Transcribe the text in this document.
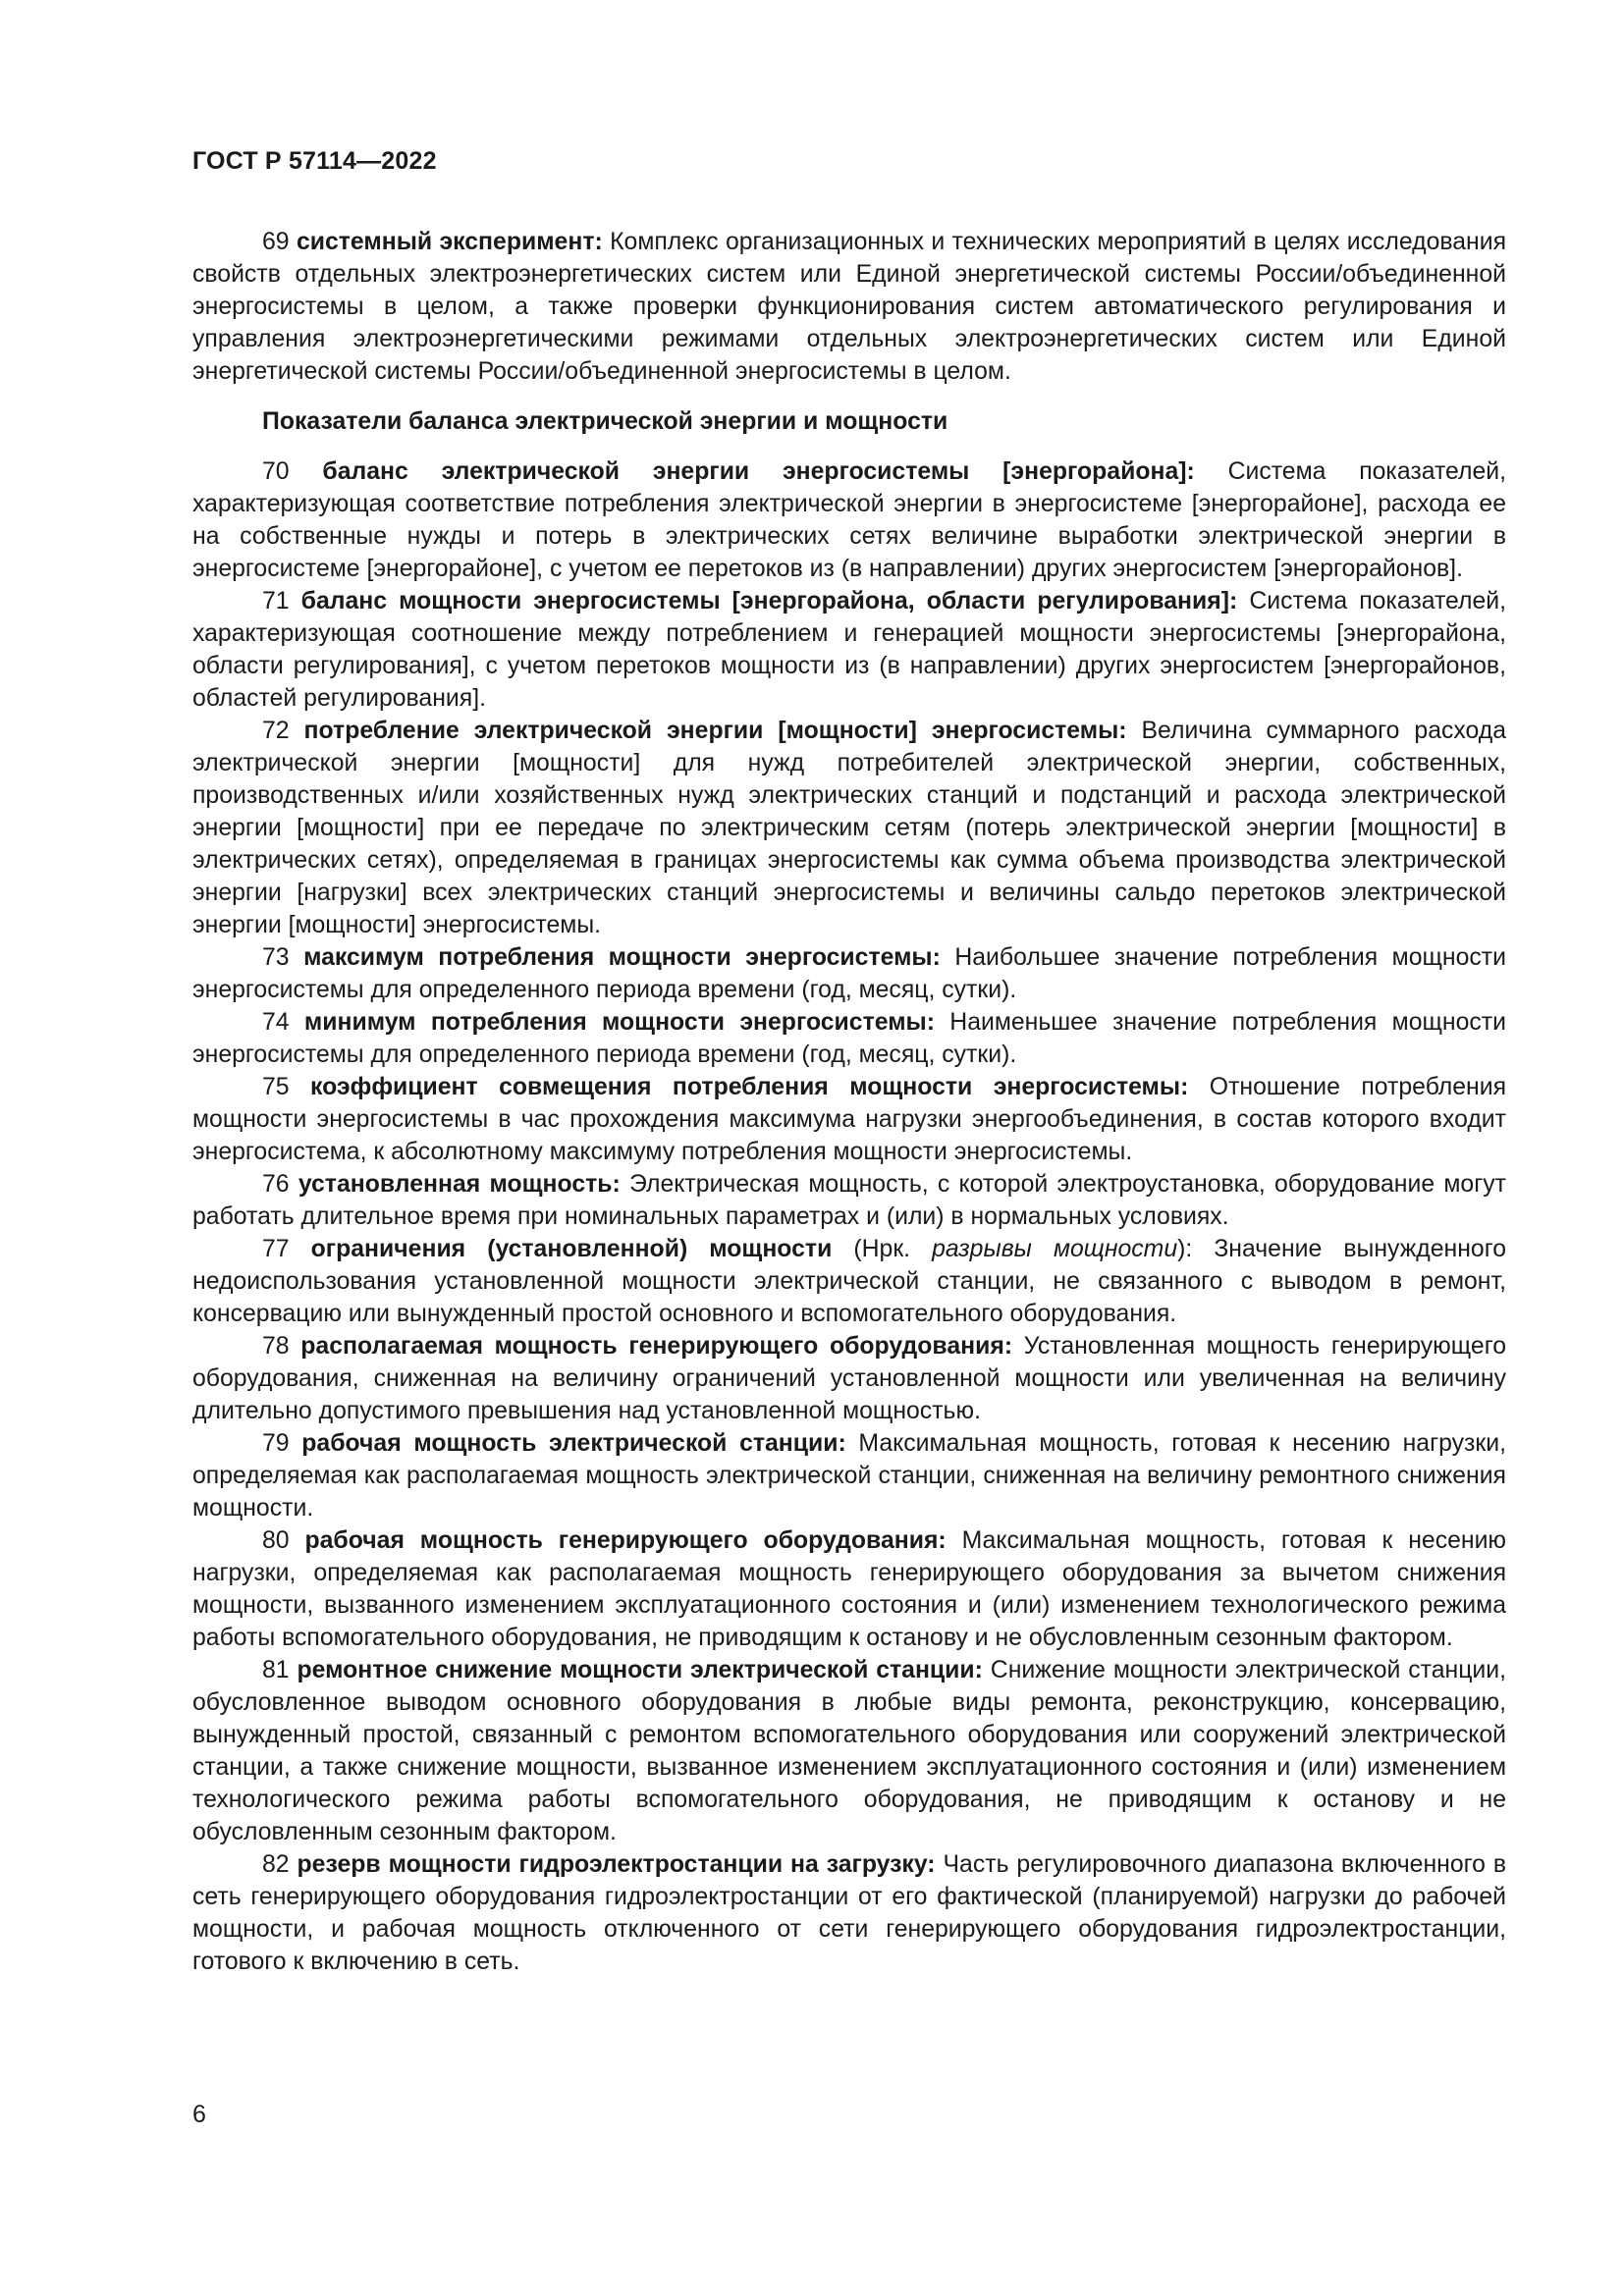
ГОСТ Р 57114—2022

69 системный эксперимент: Комплекс организационных и технических мероприятий в целях исследования свойств отдельных электроэнергетических систем или Единой энергетической системы России/объединенной энергосистемы в целом, а также проверки функционирования систем автоматического регулирования и управления электроэнергетическими режимами отдельных электроэнергетических систем или Единой энергетической системы России/объединенной энергосистемы в целом.

Показатели баланса электрической энергии и мощности

70 баланс электрической энергии энергосистемы [энергорайона]: Система показателей, характеризующая соответствие потребления электрической энергии в энергосистеме [энергорайоне], расхода ее на собственные нужды и потерь в электрических сетях величине выработки электрической энергии в энергосистеме [энергорайоне], с учетом ее перетоков из (в направлении) других энергосистем [энергорайонов].

71 баланс мощности энергосистемы [энергорайона, области регулирования]: Система показателей, характеризующая соотношение между потреблением и генерацией мощности энергосистемы [энергорайона, области регулирования], с учетом перетоков мощности из (в направлении) других энергосистем [энергорайонов, областей регулирования].

72 потребление электрической энергии [мощности] энергосистемы: Величина суммарного расхода электрической энергии [мощности] для нужд потребителей электрической энергии, собственных, производственных и/или хозяйственных нужд электрических станций и подстанций и расхода электрической энергии [мощности] при ее передаче по электрическим сетям (потерь электрической энергии [мощности] в электрических сетях), определяемая в границах энергосистемы как сумма объема производства электрической энергии [нагрузки] всех электрических станций энергосистемы и величины сальдо перетоков электрической энергии [мощности] энергосистемы.

73 максимум потребления мощности энергосистемы: Наибольшее значение потребления мощности энергосистемы для определенного периода времени (год, месяц, сутки).

74 минимум потребления мощности энергосистемы: Наименьшее значение потребления мощности энергосистемы для определенного периода времени (год, месяц, сутки).

75 коэффициент совмещения потребления мощности энергосистемы: Отношение потребления мощности энергосистемы в час прохождения максимума нагрузки энергообъединения, в состав которого входит энергосистема, к абсолютному максимуму потребления мощности энергосистемы.

76 установленная мощность: Электрическая мощность, с которой электроустановка, оборудование могут работать длительное время при номинальных параметрах и (или) в нормальных условиях.

77 ограничения (установленной) мощности (Нрк. разрывы мощности): Значение вынужденного недоиспользования установленной мощности электрической станции, не связанного с выводом в ремонт, консервацию или вынужденный простой основного и вспомогательного оборудования.

78 располагаемая мощность генерирующего оборудования: Установленная мощность генерирующего оборудования, сниженная на величину ограничений установленной мощности или увеличенная на величину длительно допустимого превышения над установленной мощностью.

79 рабочая мощность электрической станции: Максимальная мощность, готовая к несению нагрузки, определяемая как располагаемая мощность электрической станции, сниженная на величину ремонтного снижения мощности.

80 рабочая мощность генерирующего оборудования: Максимальная мощность, готовая к несению нагрузки, определяемая как располагаемая мощность генерирующего оборудования за вычетом снижения мощности, вызванного изменением эксплуатационного состояния и (или) изменением технологического режима работы вспомогательного оборудования, не приводящим к останову и не обусловленным сезонным фактором.

81 ремонтное снижение мощности электрической станции: Снижение мощности электрической станции, обусловленное выводом основного оборудования в любые виды ремонта, реконструкцию, консервацию, вынужденный простой, связанный с ремонтом вспомогательного оборудования или сооружений электрической станции, а также снижение мощности, вызванное изменением эксплуатационного состояния и (или) изменением технологического режима работы вспомогательного оборудования, не приводящим к останову и не обусловленным сезонным фактором.

82 резерв мощности гидроэлектростанции на загрузку: Часть регулировочного диапазона включенного в сеть генерирующего оборудования гидроэлектростанции от его фактической (планируемой) нагрузки до рабочей мощности, и рабочая мощность отключенного от сети генерирующего оборудования гидроэлектростанции, готового к включению в сеть.

6
